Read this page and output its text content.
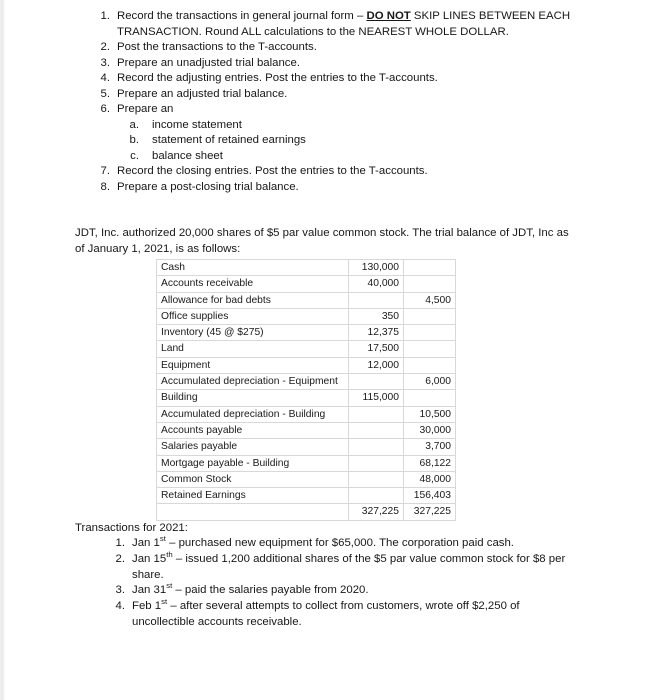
1. Record the transactions in general journal form – DO NOT SKIP LINES BETWEEN EACH TRANSACTION. Round ALL calculations to the NEAREST WHOLE DOLLAR.
2. Post the transactions to the T-accounts.
3. Prepare an unadjusted trial balance.
4. Record the adjusting entries. Post the entries to the T-accounts.
5. Prepare an adjusted trial balance.
6. Prepare an
a. income statement
b. statement of retained earnings
c. balance sheet
7. Record the closing entries. Post the entries to the T-accounts.
8. Prepare a post-closing trial balance.

JDT, Inc. authorized 20,000 shares of $5 par value common stock. The trial balance of JDT, Inc as of January 1, 2021, is as follows:

Cash	130,000	
Accounts receivable	40,000	
Allowance for bad debts		4,500
Office supplies	350	
Inventory (45 @ $275)	12,375	
Land	17,500	
Equipment	12,000	
Accumulated depreciation - Equipment		6,000
Building	115,000	
Accumulated depreciation - Building		10,500
Accounts payable		30,000
Salaries payable		3,700
Mortgage payable - Building		68,122
Common Stock		48,000
Retained Earnings		156,403
	327,225	327,225
Transactions for 2021:
1. Jan 1st – purchased new equipment for $65,000. The corporation paid cash.
2. Jan 15th – issued 1,200 additional shares of the $5 par value common stock for $8 per share.
3. Jan 31st – paid the salaries payable from 2020.
4. Feb 1st – after several attempts to collect from customers, wrote off $2,250 of uncollectible accounts receivable.
